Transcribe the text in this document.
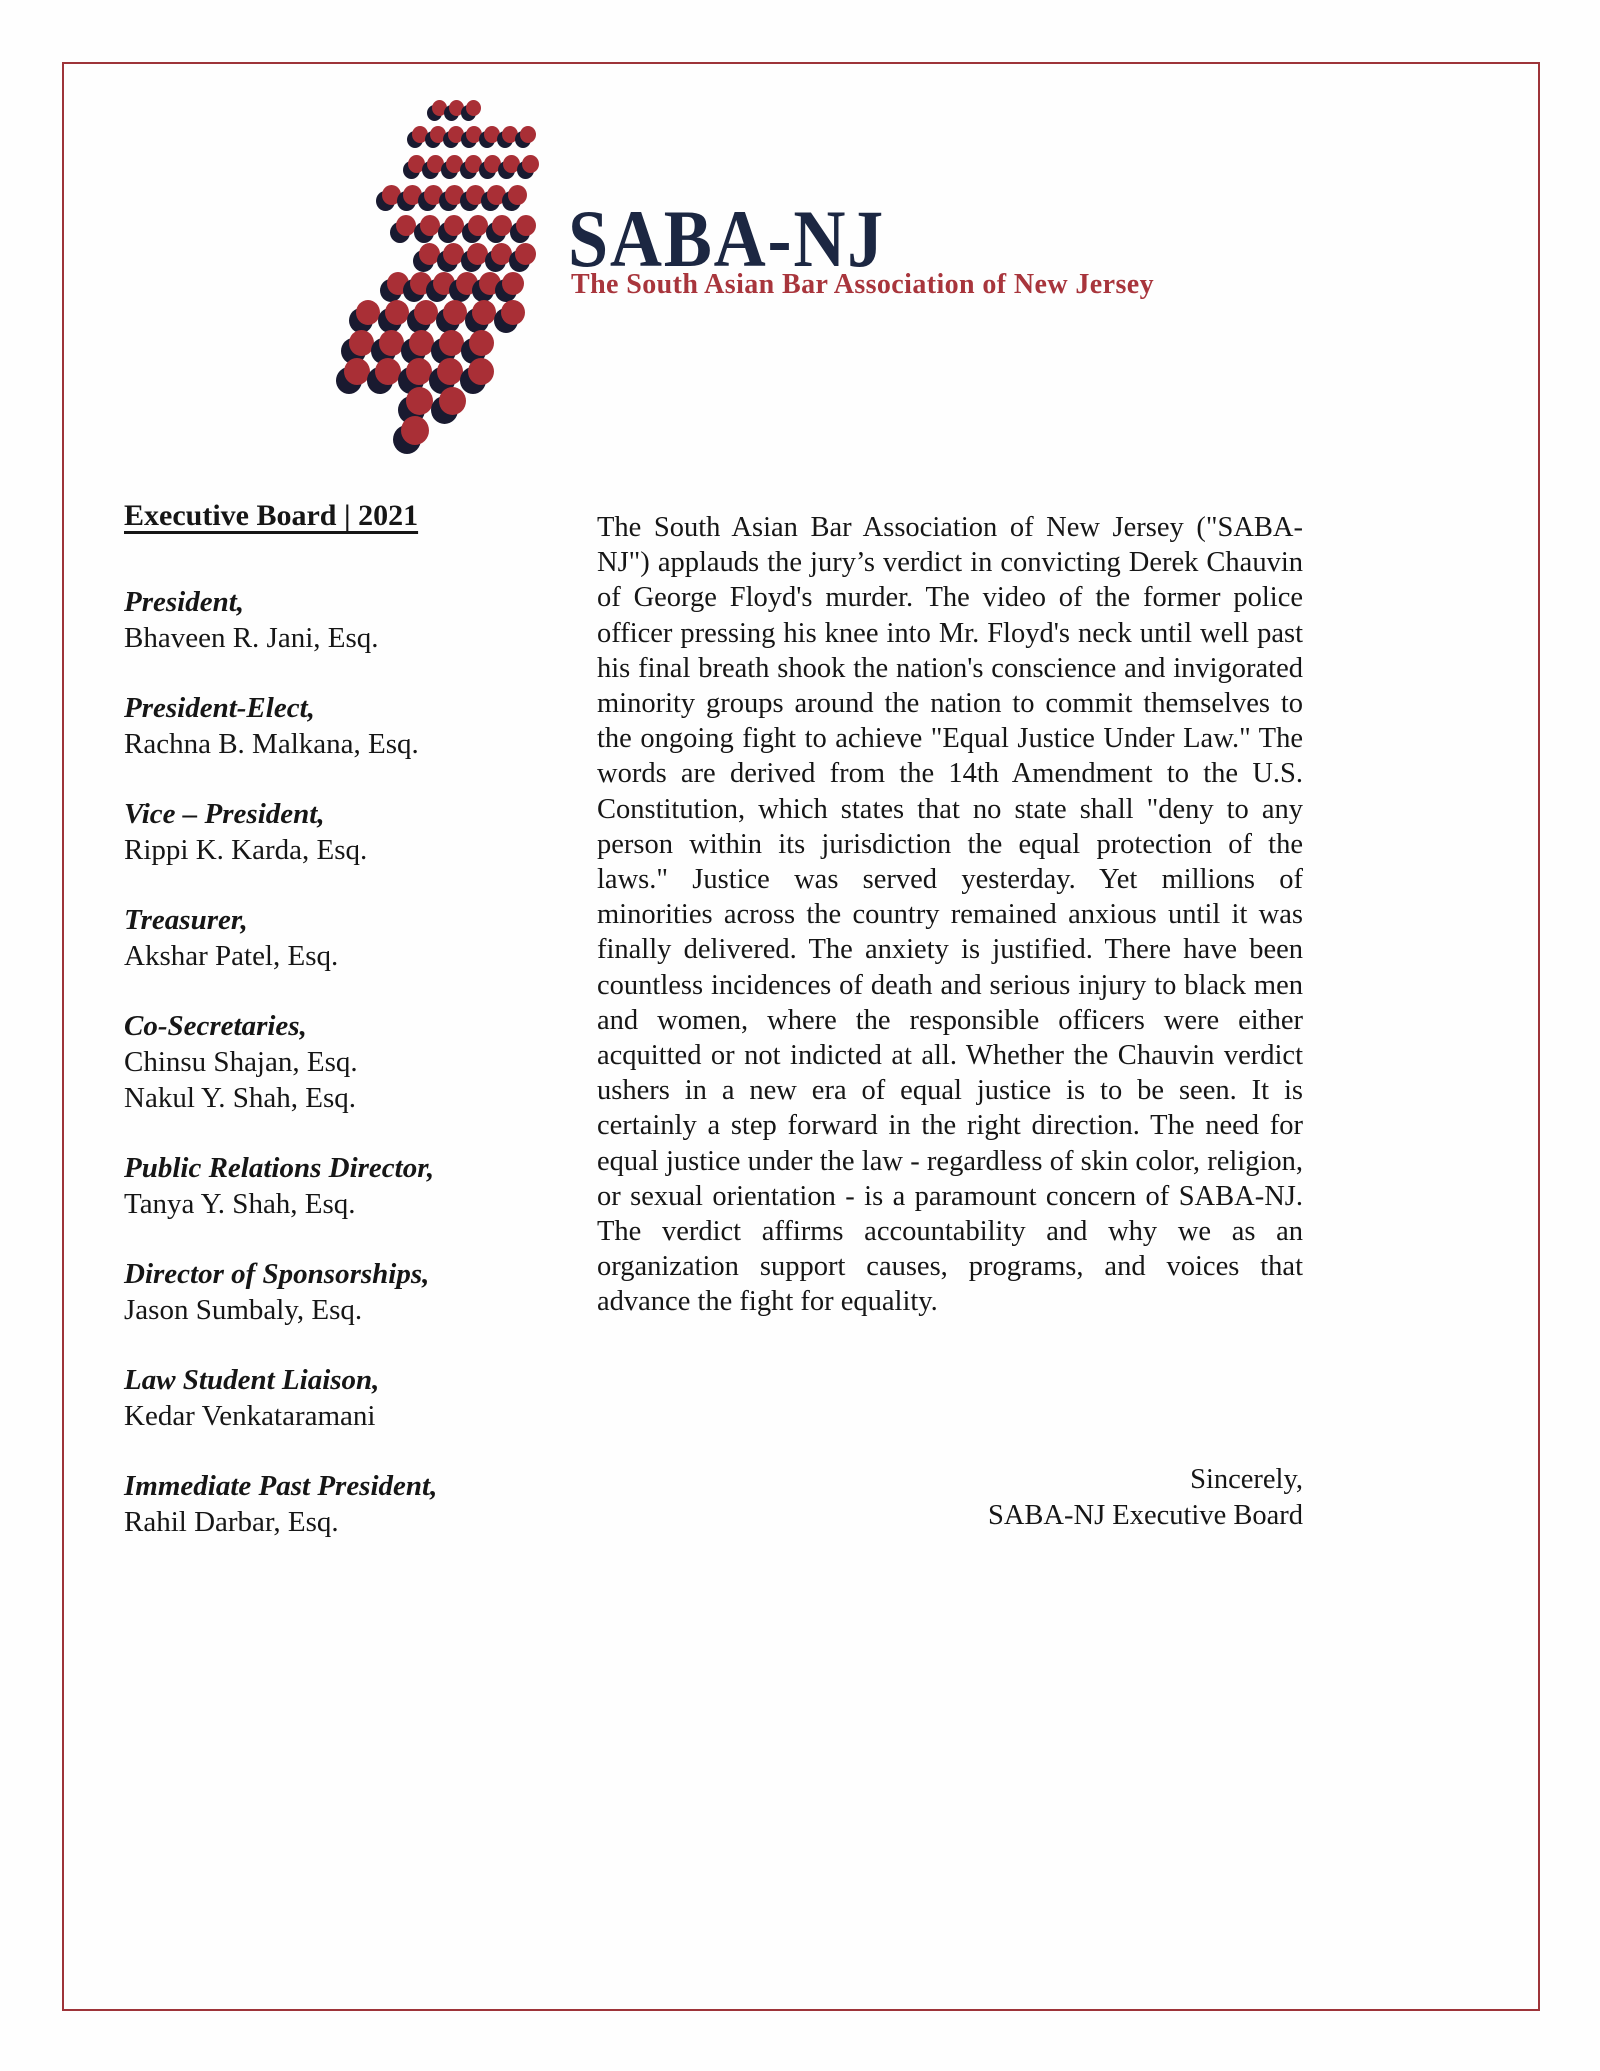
SABA-NJ
The South Asian Bar Association of New Jersey
Executive Board | 2021
President,
Bhaveen R. Jani, Esq.
President-Elect,
Rachna B. Malkana, Esq.
Vice – President,
Rippi K. Karda, Esq.
Treasurer,
Akshar Patel, Esq.
Co-Secretaries,
Chinsu Shajan, Esq.
Nakul Y. Shah, Esq.
Public Relations Director,
Tanya Y. Shah, Esq.
Director of Sponsorships,
Jason Sumbaly, Esq.
Law Student Liaison,
Kedar Venkataramani
Immediate Past President,
Rahil Darbar, Esq.

The South Asian Bar Association of New Jersey ("SABA-NJ") applauds the jury’s verdict in convicting Derek Chauvin of George Floyd's murder. The video of the former police officer pressing his knee into Mr. Floyd's neck until well past his final breath shook the nation's conscience and invigorated minority groups around the nation to commit themselves to the ongoing fight to achieve "Equal Justice Under Law." The words are derived from the 14th Amendment to the U.S. Constitution, which states that no state shall "deny to any person within its jurisdiction the equal protection of the laws." Justice was served yesterday. Yet millions of minorities across the country remained anxious until it was finally delivered. The anxiety is justified. There have been countless incidences of death and serious injury to black men and women, where the responsible officers were either acquitted or not indicted at all. Whether the Chauvin verdict ushers in a new era of equal justice is to be seen. It is certainly a step forward in the right direction. The need for equal justice under the law - regardless of skin color, religion, or sexual orientation - is a paramount concern of SABA-NJ. The verdict affirms accountability and why we as an organization support causes, programs, and voices that advance the fight for equality.

Sincerely,
SABA-NJ Executive Board
